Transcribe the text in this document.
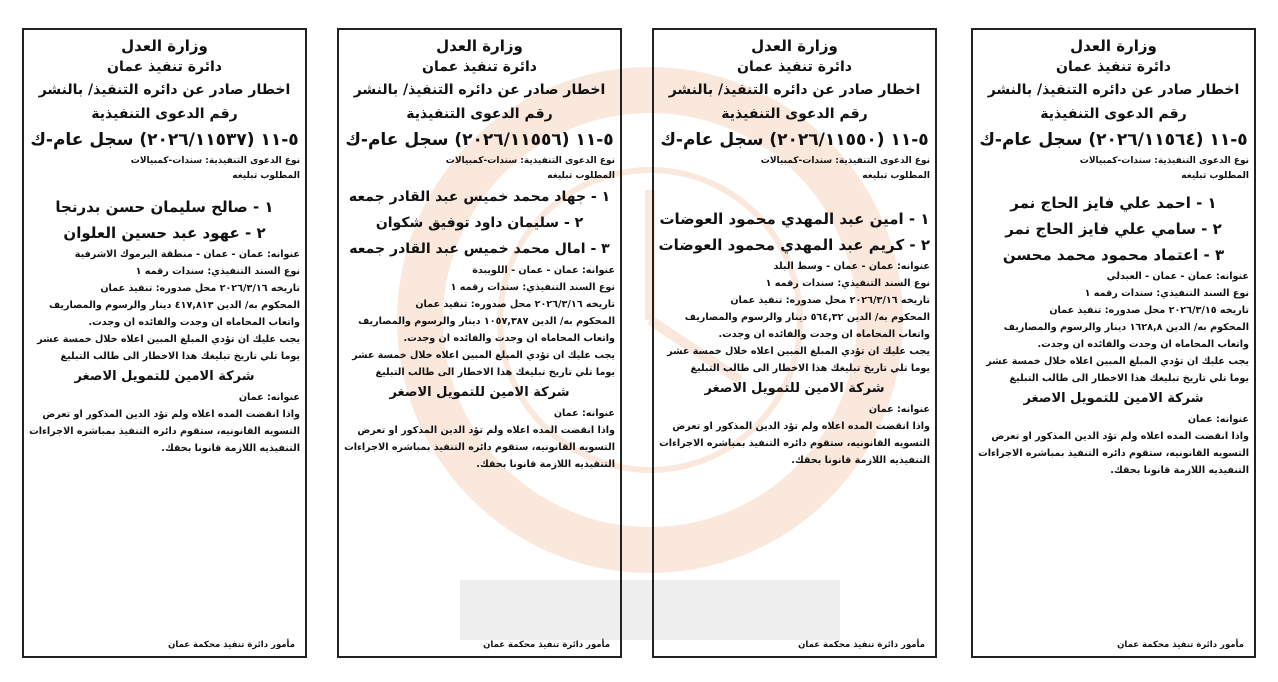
وزارة العدل
دائرة تنفيذ عمان
اخطار صادر عن دائره التنفيذ/ بالنشر
رقم الدعوى التنفيذية
٥-١١ (٢٠٢٦/١١٥٦٤) سجل عام-ك
نوع الدعوى التنفيذية: سندات-كمبيالات
المطلوب تبليغه
١ - احمد علي فايز الحاج نمر
٢ - سامي علي فايز الحاج نمر
٣ - اعتماد محمود محمد محسن
عنوانه: عمان - عمان - العبدلي
نوع السند التنفيذي: سندات رقمه ١
تاريخه ٢٠٢٦/٣/١٥ محل صدوره: تنفيذ عمان
المحكوم به/ الدين ١٦٢٨,٨ دينار والرسوم والمصاريف واتعاب المحاماه ان وجدت والفائده ان وجدت.
يجب عليك ان تؤدي المبلغ المبين اعلاه خلال خمسة عشر يوما تلي تاريخ تبليغك هذا الاخطار الى طالب التبليغ
شركة الامين للتمويل الاصغر
عنوانه: عمان
واذا انقضت المده اعلاه ولم تؤد الدين المذكور او تعرض التسويه القانونيه، ستقوم دائره التنفيذ بمباشره الاجراءات التنفيذيه اللازمة قانونا بحقك.
مأمور دائرة تنفيذ محكمة عمان
وزارة العدل
دائرة تنفيذ عمان
اخطار صادر عن دائره التنفيذ/ بالنشر
رقم الدعوى التنفيذية
٥-١١ (٢٠٢٦/١١٥٥٠) سجل عام-ك
نوع الدعوى التنفيذية: سندات-كمبيالات
المطلوب تبليغه
١ - امين عبد المهدي محمود العوضات
٢ - كريم عبد المهدي محمود العوضات
عنوانه: عمان - عمان - وسط البلد
نوع السند التنفيذي: سندات رقمه ١
تاريخه ٢٠٢٦/٣/١٦ محل صدوره: تنفيذ عمان
المحكوم به/ الدين ٥٦٤,٣٢ دينار والرسوم والمصاريف واتعاب المحاماه ان وجدت والفائده ان وجدت.
يجب عليك ان تؤدي المبلغ المبين اعلاه خلال خمسة عشر يوما تلي تاريخ تبليغك هذا الاخطار الى طالب التبليغ
شركة الامين للتمويل الاصغر
عنوانه: عمان
واذا انقضت المده اعلاه ولم تؤد الدين المذكور او تعرض التسويه القانونيه، ستقوم دائره التنفيذ بمباشره الاجراءات التنفيذيه اللازمة قانونا بحقك.
مأمور دائرة تنفيذ محكمة عمان
وزارة العدل
دائرة تنفيذ عمان
اخطار صادر عن دائره التنفيذ/ بالنشر
رقم الدعوى التنفيذية
٥-١١ (٢٠٢٦/١١٥٥٦) سجل عام-ك
نوع الدعوى التنفيذية: سندات-كمبيالات
المطلوب تبليغه
١ - جهاد محمد خميس عبد القادر جمعه
٢ - سليمان داود توفيق شكوان
٣ - امال محمد خميس عبد القادر جمعه
عنوانه: عمان - عمان - اللويبدة
نوع السند التنفيذي: سندات رقمه ١
تاريخه ٢٠٢٦/٣/١٦ محل صدوره: تنفيذ عمان
المحكوم به/ الدين ١٠٥٧,٣٨٧ دينار والرسوم والمصاريف واتعاب المحاماه ان وجدت والفائده ان وجدت.
يجب عليك ان تؤدي المبلغ المبين اعلاه خلال خمسة عشر يوما تلي تاريخ تبليغك هذا الاخطار الى طالب التبليغ
شركة الامين للتمويل الاصغر
عنوانه: عمان
واذا انقضت المده اعلاه ولم تؤد الدين المذكور او تعرض التسويه القانونيه، ستقوم دائره التنفيذ بمباشره الاجراءات التنفيذيه اللازمة قانونا بحقك.
مأمور دائرة تنفيذ محكمة عمان
وزارة العدل
دائرة تنفيذ عمان
اخطار صادر عن دائره التنفيذ/ بالنشر
رقم الدعوى التنفيذية
٥-١١ (٢٠٢٦/١١٥٣٧) سجل عام-ك
نوع الدعوى التنفيذية: سندات-كمبيالات
المطلوب تبليغه
١ - صالح سليمان حسن بدرنجا
٢ - عهود عبد حسين العلوان
عنوانه: عمان - عمان - منطقة اليرموك الاشرفية
نوع السند التنفيذي: سندات رقمه ١
تاريخه ٢٠٢٦/٣/١٦ محل صدوره: تنفيذ عمان
المحكوم به/ الدين ٤١٧,٨١٣ دينار والرسوم والمصاريف واتعاب المحاماه ان وجدت والفائده ان وجدت.
يجب عليك ان تؤدي المبلغ المبين اعلاه خلال خمسة عشر يوما تلي تاريخ تبليغك هذا الاخطار الى طالب التبليغ
شركة الامين للتمويل الاصغر
عنوانه: عمان
واذا انقضت المده اعلاه ولم تؤد الدين المذكور او تعرض التسويه القانونيه، ستقوم دائره التنفيذ بمباشره الاجراءات التنفيذيه اللازمة قانونا بحقك.
مأمور دائرة تنفيذ محكمة عمان
